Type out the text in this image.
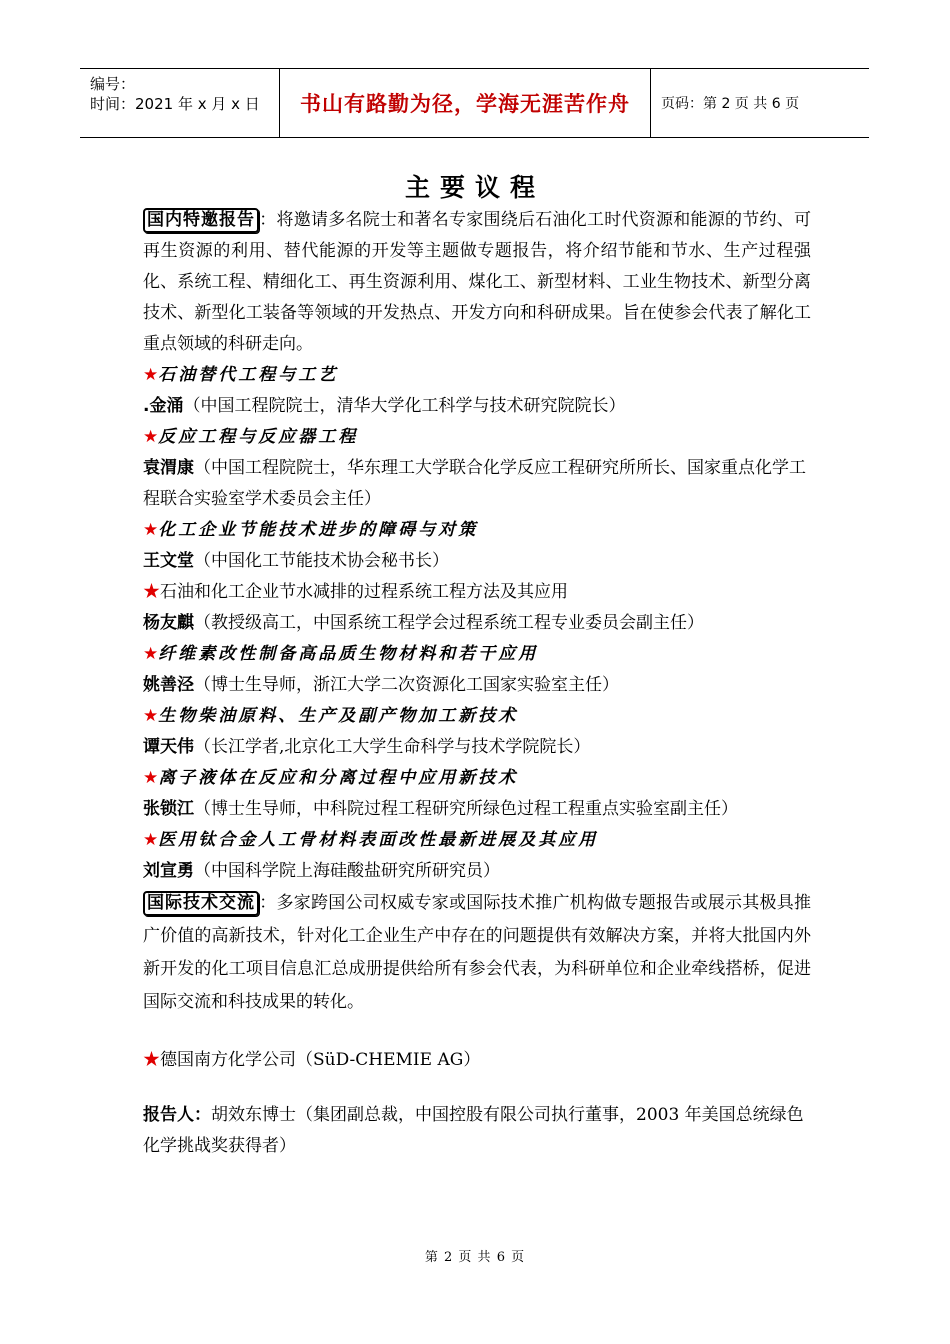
编号：
时间：2021 年 x 月 x 日	书山有路勤为径，学海无涯苦作舟	页码：第 2 页 共 6 页
主要议程

国内特邀报告 ：将邀请多名院士和著名专家围绕后石油化工时代资源和能源的节约、可再生资源的利用、替代能源的开发等主题做专题报告，将介绍节能和节水、生产过程强化、系统工程、精细化工、再生资源利用、煤化工、新型材料、工业生物技术、新型分离技术、新型化工装备等领域的开发热点、开发方向和科研成果。旨在使参会代表了解化工重点领域的科研走向。

★石油替代工程与工艺

.金涌（中国工程院院士，清华大学化工科学与技术研究院院长）

★反应工程与反应器工程

袁渭康（中国工程院院士，华东理工大学联合化学反应工程研究所所长、国家重点化学工程联合实验室学术委员会主任）

★化工企业节能技术进步的障碍与对策

王文堂（中国化工节能技术协会秘书长）

★石油和化工企业节水减排的过程系统工程方法及其应用

杨友麒（教授级高工，中国系统工程学会过程系统工程专业委员会副主任）

★纤维素改性制备高品质生物材料和若干应用

姚善泾（博士生导师，浙江大学二次资源化工国家实验室主任）

★生物柴油原料、生产及副产物加工新技术

谭天伟（长江学者,北京化工大学生命科学与技术学院院长）

★离子液体在反应和分离过程中应用新技术

张锁江（博士生导师，中科院过程工程研究所绿色过程工程重点实验室副主任）

★医用钛合金人工骨材料表面改性最新进展及其应用

刘宣勇（中国科学院上海硅酸盐研究所研究员）

国际技术交流 ：多家跨国公司权威专家或国际技术推广机构做专题报告或展示其极具推广价值的高新技术，针对化工企业生产中存在的问题提供有效解决方案，并将大批国内外新开发的化工项目信息汇总成册提供给所有参会代表，为科研单位和企业牵线搭桥，促进国际交流和科技成果的转化。

★德国南方化学公司（SüD-CHEMIE AG）

报告人：胡效东博士（集团副总裁，中国控股有限公司执行董事，2003 年美国总统绿色化学挑战奖获得者）

第 2 页 共 6 页
